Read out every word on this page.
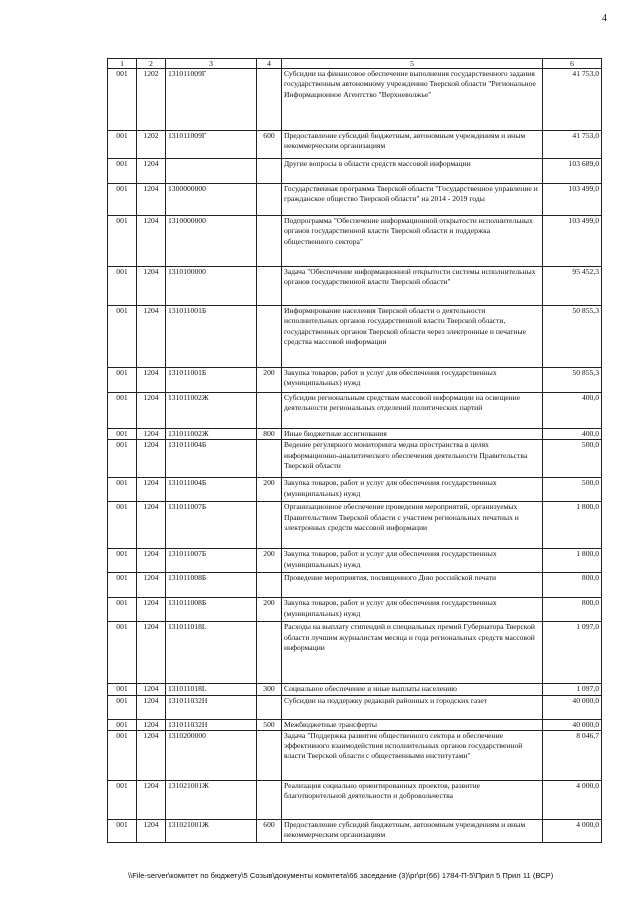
4
1	2	3	4	5	6
001	1202	131011009Г		Субсидии на финансовое обеспечение выполнения государственного задания государственным автономному учреждению Тверской области "Региональное Информационное Агентство "Верхневолжье"	41 753,0
001	1202	131011009Г	600	Предоставление субсидий бюджетным, автономным учреждениям и иным некоммерческим организациям	41 753,0
001	1204			Другие вопросы в области средств массовой информации	103 689,0
001	1204	1300000000		Государственная программа Тверской области "Государственное управление и гражданское общество Тверской области" на 2014 - 2019 годы	103 499,0
001	1204	1310000000		Подпрограмма "Обеспечение информационной открытости исполнительных органов государственной власти Тверской области и поддержка общественного сектора"	103 499,0
001	1204	1310100000		Задача "Обеспечение информационной открытости системы исполнительных органов государственной власти Тверской области"	95 452,3
001	1204	131011001Б		Информирование населения Тверской области о деятельности исполнительных органов государственной власти Тверской области, государственных органов Тверской области через электронные и печатные средства массовой информации	50 855,3
001	1204	131011001Б	200	Закупка товаров, работ и услуг для обеспечения государственных (муниципальных) нужд	50 855,3
001	1204	131011002Ж		Субсидии региональным средствам массовой информации на освещение деятельности региональных отделений политических партий	400,0
001	1204	131011002Ж	800	Иные бюджетные ассигнования	400,0
001	1204	131011004Б		Ведение регулярного мониторинга медиа пространства в целях информационно-аналитического обеспечения деятельности Правительства Тверской области	500,0
001	1204	131011004Б	200	Закупка товаров, работ и услуг для обеспечения государственных (муниципальных) нужд	500,0
001	1204	131011007Б		Организационное обеспечение проведения мероприятий, организуемых Правительством Тверской области с участием региональных печатных и электронных средств массовой информации	1 800,0
001	1204	131011007Б	200	Закупка товаров, работ и услуг для обеспечения государственных (муниципальных) нужд	1 800,0
001	1204	131011008Б		Проведение мероприятия, посвященного Дню российской печати	800,0
001	1204	131011008Б	200	Закупка товаров, работ и услуг для обеспечения государственных (муниципальных) нужд	800,0
001	1204	131011018L		Расходы на выплату стипендий и специальных премий Губернатора Тверской области лучшим журналистам месяца и года региональных средств массовой информации	1 097,0
001	1204	131011018L	300	Социальное обеспечение и иные выплаты населению	1 097,0
001	1204	131011032Н		Субсидии на поддержку редакций районных и городских газет	40 000,0
001	1204	131011032Н	500	Межбюджетные трансферты	40 000,0
001	1204	1310200000		Задача "Поддержка развития общественного сектора и обеспечение эффективного взаимодействия исполнительных органов государственной власти Тверской области с общественными институтами"	8 046,7
001	1204	131021001Ж		Реализация социально ориентированных проектов, развитие благотворительной деятельности и добровольчества	4 000,0
001	1204	131021001Ж	600	Предоставление субсидий бюджетным, автономным учреждениям и иным некоммерческим организациям	4 000,0
\\File-server\комитет по бюджету\5 Созыв\документы комитета\66 заседание (3)\рг\рг(66) 1784-П-5\Прил 5 Прил 11 (ВСР)
